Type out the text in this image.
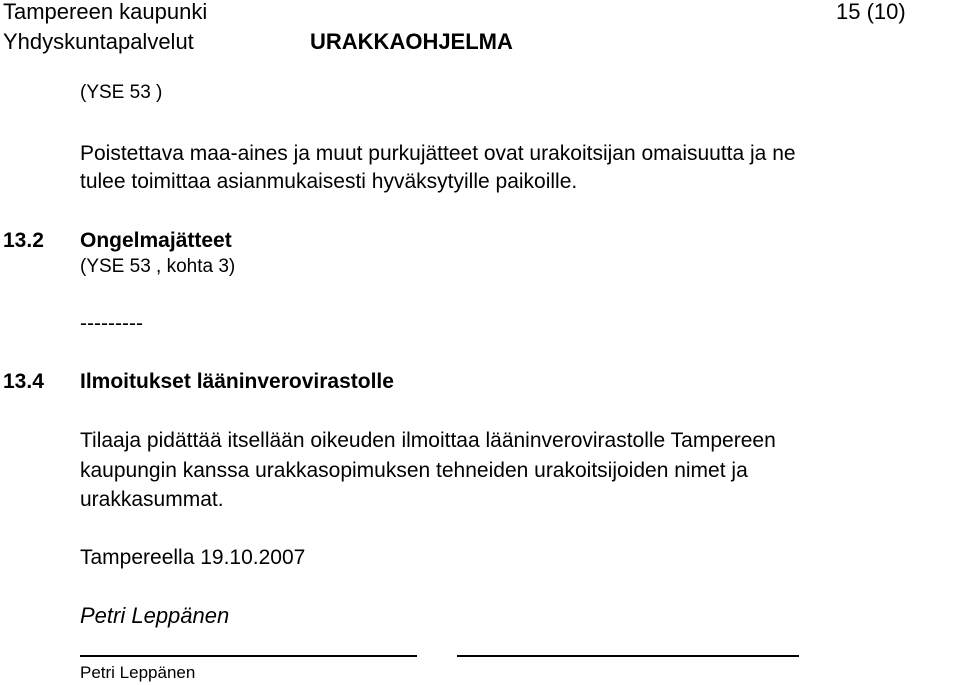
Tampereen kaupunki
Yhdyskuntapalvelut	URAKKAOHJELMA
15 (10)
(YSE 53 )
Poistettava maa-aines ja muut purkujätteet ovat urakoitsijan omaisuutta ja ne
tulee toimittaa asianmukaisesti hyväksytyille paikoille.
13.2 Ongelmajätteet
(YSE 53 , kohta 3)
---------
13.4 Ilmoitukset lääninverovirastolle
Tilaaja pidättää itsellään oikeuden ilmoittaa lääninverovirastolle Tampereen
kaupungin kanssa urakkasopimuksen tehneiden urakoitsijoiden nimet ja
urakkasummat.
Tampereella 19.10.2007
Petri Leppänen
Petri Leppänen
